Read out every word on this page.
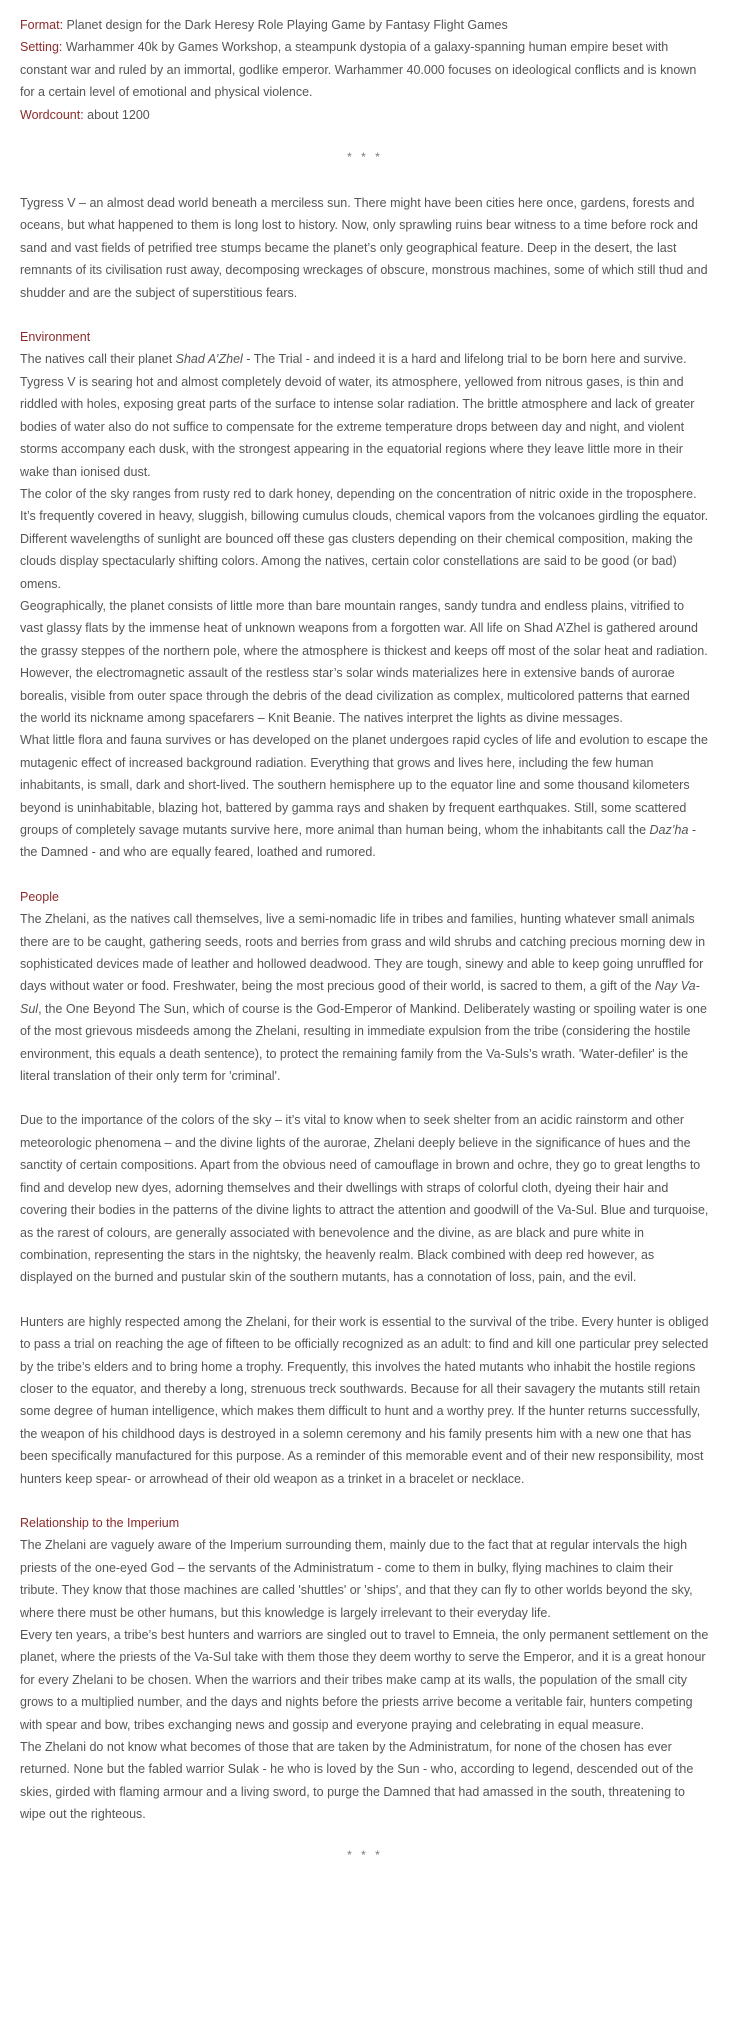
Format: Planet design for the Dark Heresy Role Playing Game by Fantasy Flight Games

Setting: Warhammer 40k by Games Workshop, a steampunk dystopia of a galaxy-spanning human empire beset with constant war and ruled by an immortal, godlike emperor. Warhammer 40.000 focuses on ideological conflicts and is known for a certain level of emotional and physical violence.

Wordcount: about 1200

* * *

Tygress V – an almost dead world beneath a merciless sun. There might have been cities here once, gardens, forests and oceans, but what happened to them is long lost to history. Now, only sprawling ruins bear witness to a time before rock and sand and vast fields of petrified tree stumps became the planet’s only geographical feature. Deep in the desert, the last remnants of its civilisation rust away, decomposing wreckages of obscure, monstrous machines, some of which still thud and shudder and are the subject of superstitious fears.

Environment

The natives call their planet Shad A’Zhel - The Trial - and indeed it is a hard and lifelong trial to be born here and survive. Tygress V is searing hot and almost completely devoid of water, its atmosphere, yellowed from nitrous gases, is thin and riddled with holes, exposing great parts of the surface to intense solar radiation. The brittle atmosphere and lack of greater bodies of water also do not suffice to compensate for the extreme temperature drops between day and night, and violent storms accompany each dusk, with the strongest appearing in the equatorial regions where they leave little more in their wake than ionised dust.

The color of the sky ranges from rusty red to dark honey, depending on the concentration of nitric oxide in the troposphere. It’s frequently covered in heavy, sluggish, billowing cumulus clouds, chemical vapors from the volcanoes girdling the equator. Different wavelengths of sunlight are bounced off these gas clusters depending on their chemical composition, making the clouds display spectacularly shifting colors. Among the natives, certain color constellations are said to be good (or bad) omens.

Geographically, the planet consists of little more than bare mountain ranges, sandy tundra and endless plains, vitrified to vast glassy flats by the immense heat of unknown weapons from a forgotten war. All life on Shad A’Zhel is gathered around the grassy steppes of the northern pole, where the atmosphere is thickest and keeps off most of the solar heat and radiation. However, the electromagnetic assault of the restless star’s solar winds materializes here in extensive bands of aurorae borealis, visible from outer space through the debris of the dead civilization as complex, multicolored patterns that earned the world its nickname among spacefarers – Knit Beanie. The natives interpret the lights as divine messages.

What little flora and fauna survives or has developed on the planet undergoes rapid cycles of life and evolution to escape the mutagenic effect of increased background radiation. Everything that grows and lives here, including the few human inhabitants, is small, dark and short-lived. The southern hemisphere up to the equator line and some thousand kilometers beyond is uninhabitable, blazing hot, battered by gamma rays and shaken by frequent earthquakes. Still, some scattered groups of completely savage mutants survive here, more animal than human being, whom the inhabitants call the Daz’ha - the Damned - and who are equally feared, loathed and rumored.

People

The Zhelani, as the natives call themselves, live a semi-nomadic life in tribes and families, hunting whatever small animals there are to be caught, gathering seeds, roots and berries from grass and wild shrubs and catching precious morning dew in sophisticated devices made of leather and hollowed deadwood. They are tough, sinewy and able to keep going unruffled for days without water or food. Freshwater, being the most precious good of their world, is sacred to them, a gift of the Nay Va-Sul, the One Beyond The Sun, which of course is the God-Emperor of Mankind. Deliberately wasting or spoiling water is one of the most grievous misdeeds among the Zhelani, resulting in immediate expulsion from the tribe (considering the hostile environment, this equals a death sentence), to protect the remaining family from the Va-Suls’s wrath. 'Water-defiler' is the literal translation of their only term for 'criminal'.

Due to the importance of the colors of the sky – it’s vital to know when to seek shelter from an acidic rainstorm and other meteorologic phenomena – and the divine lights of the aurorae, Zhelani deeply believe in the significance of hues and the sanctity of certain compositions. Apart from the obvious need of camouflage in brown and ochre, they go to great lengths to find and develop new dyes, adorning themselves and their dwellings with straps of colorful cloth, dyeing their hair and covering their bodies in the patterns of the divine lights to attract the attention and goodwill of the Va-Sul. Blue and turquoise, as the rarest of colours, are generally associated with benevolence and the divine, as are black and pure white in combination, representing the stars in the nightsky, the heavenly realm. Black combined with deep red however, as displayed on the burned and pustular skin of the southern mutants, has a connotation of loss, pain, and the evil.

Hunters are highly respected among the Zhelani, for their work is essential to the survival of the tribe. Every hunter is obliged to pass a trial on reaching the age of fifteen to be officially recognized as an adult: to find and kill one particular prey selected by the tribe’s elders and to bring home a trophy. Frequently, this involves the hated mutants who inhabit the hostile regions closer to the equator, and thereby a long, strenuous treck southwards. Because for all their savagery the mutants still retain some degree of human intelligence, which makes them difficult to hunt and a worthy prey. If the hunter returns successfully, the weapon of his childhood days is destroyed in a solemn ceremony and his family presents him with a new one that has been specifically manufactured for this purpose. As a reminder of this memorable event and of their new responsibility, most hunters keep spear- or arrowhead of their old weapon as a trinket in a bracelet or necklace.

Relationship to the Imperium

The Zhelani are vaguely aware of the Imperium surrounding them, mainly due to the fact that at regular intervals the high priests of the one-eyed God – the servants of the Administratum - come to them in bulky, flying machines to claim their tribute. They know that those machines are called 'shuttles' or 'ships', and that they can fly to other worlds beyond the sky, where there must be other humans, but this knowledge is largely irrelevant to their everyday life.

Every ten years, a tribe’s best hunters and warriors are singled out to travel to Emneia, the only permanent settlement on the planet, where the priests of the Va-Sul take with them those they deem worthy to serve the Emperor, and it is a great honour for every Zhelani to be chosen. When the warriors and their tribes make camp at its walls, the population of the small city grows to a multiplied number, and the days and nights before the priests arrive become a veritable fair, hunters competing with spear and bow, tribes exchanging news and gossip and everyone praying and celebrating in equal measure.

The Zhelani do not know what becomes of those that are taken by the Administratum, for none of the chosen has ever returned. None but the fabled warrior Sulak - he who is loved by the Sun - who, according to legend, descended out of the skies, girded with flaming armour and a living sword, to purge the Damned that had amassed in the south, threatening to wipe out the righteous.

* * *
